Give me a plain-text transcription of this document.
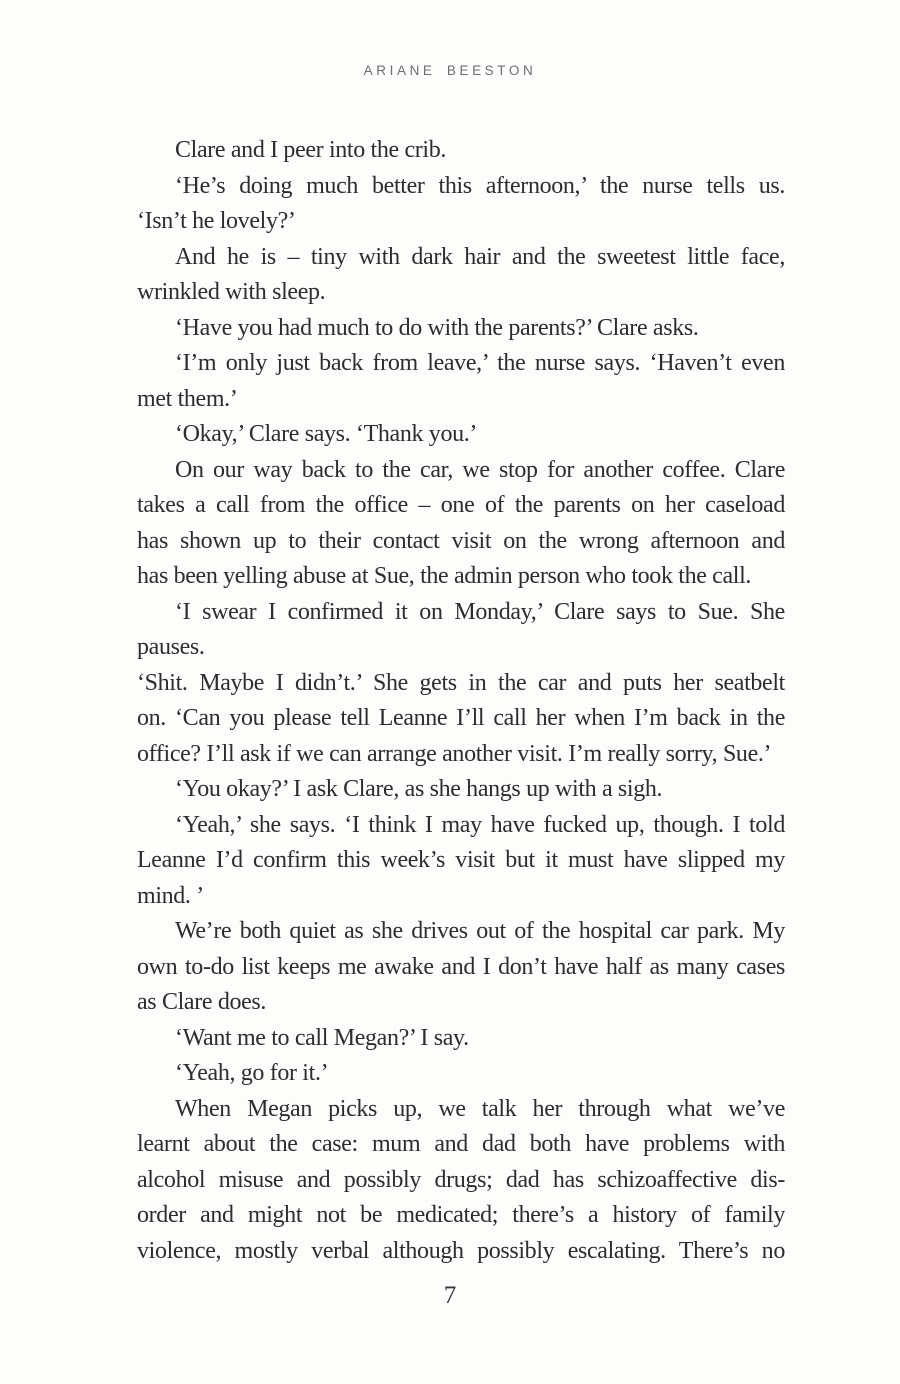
ARIANE BEESTON
Clare and I peer into the crib.
‘He’s doing much better this afternoon,’ the nurse tells us.
‘Isn’t he lovely?’
And he is – tiny with dark hair and the sweetest little face,
wrinkled with sleep.
‘Have you had much to do with the parents?’ Clare asks.
‘I’m only just back from leave,’ the nurse says. ‘Haven’t even
met them.’
‘Okay,’ Clare says. ‘Thank you.’
On our way back to the car, we stop for another coffee. Clare
takes a call from the office – one of the parents on her caseload
has shown up to their contact visit on the wrong afternoon and
has been yelling abuse at Sue, the admin person who took the call.
‘I swear I confirmed it on Monday,’ Clare says to Sue. She pauses.
‘Shit. Maybe I didn’t.’ She gets in the car and puts her seatbelt
on. ‘Can you please tell Leanne I’ll call her when I’m back in the
office? I’ll ask if we can arrange another visit. I’m really sorry, Sue.’
‘You okay?’ I ask Clare, as she hangs up with a sigh.
‘Yeah,’ she says. ‘I think I may have fucked up, though. I told
Leanne I’d confirm this week’s visit but it must have slipped my
mind. ’
We’re both quiet as she drives out of the hospital car park. My
own to-do list keeps me awake and I don’t have half as many cases
as Clare does.
‘Want me to call Megan?’ I say.
‘Yeah, go for it.’
When Megan picks up, we talk her through what we’ve
learnt about the case: mum and dad both have problems with
alcohol misuse and possibly drugs; dad has schizoaffective dis-
order and might not be medicated; there’s a history of family
violence, mostly verbal although possibly escalating. There’s no
7
